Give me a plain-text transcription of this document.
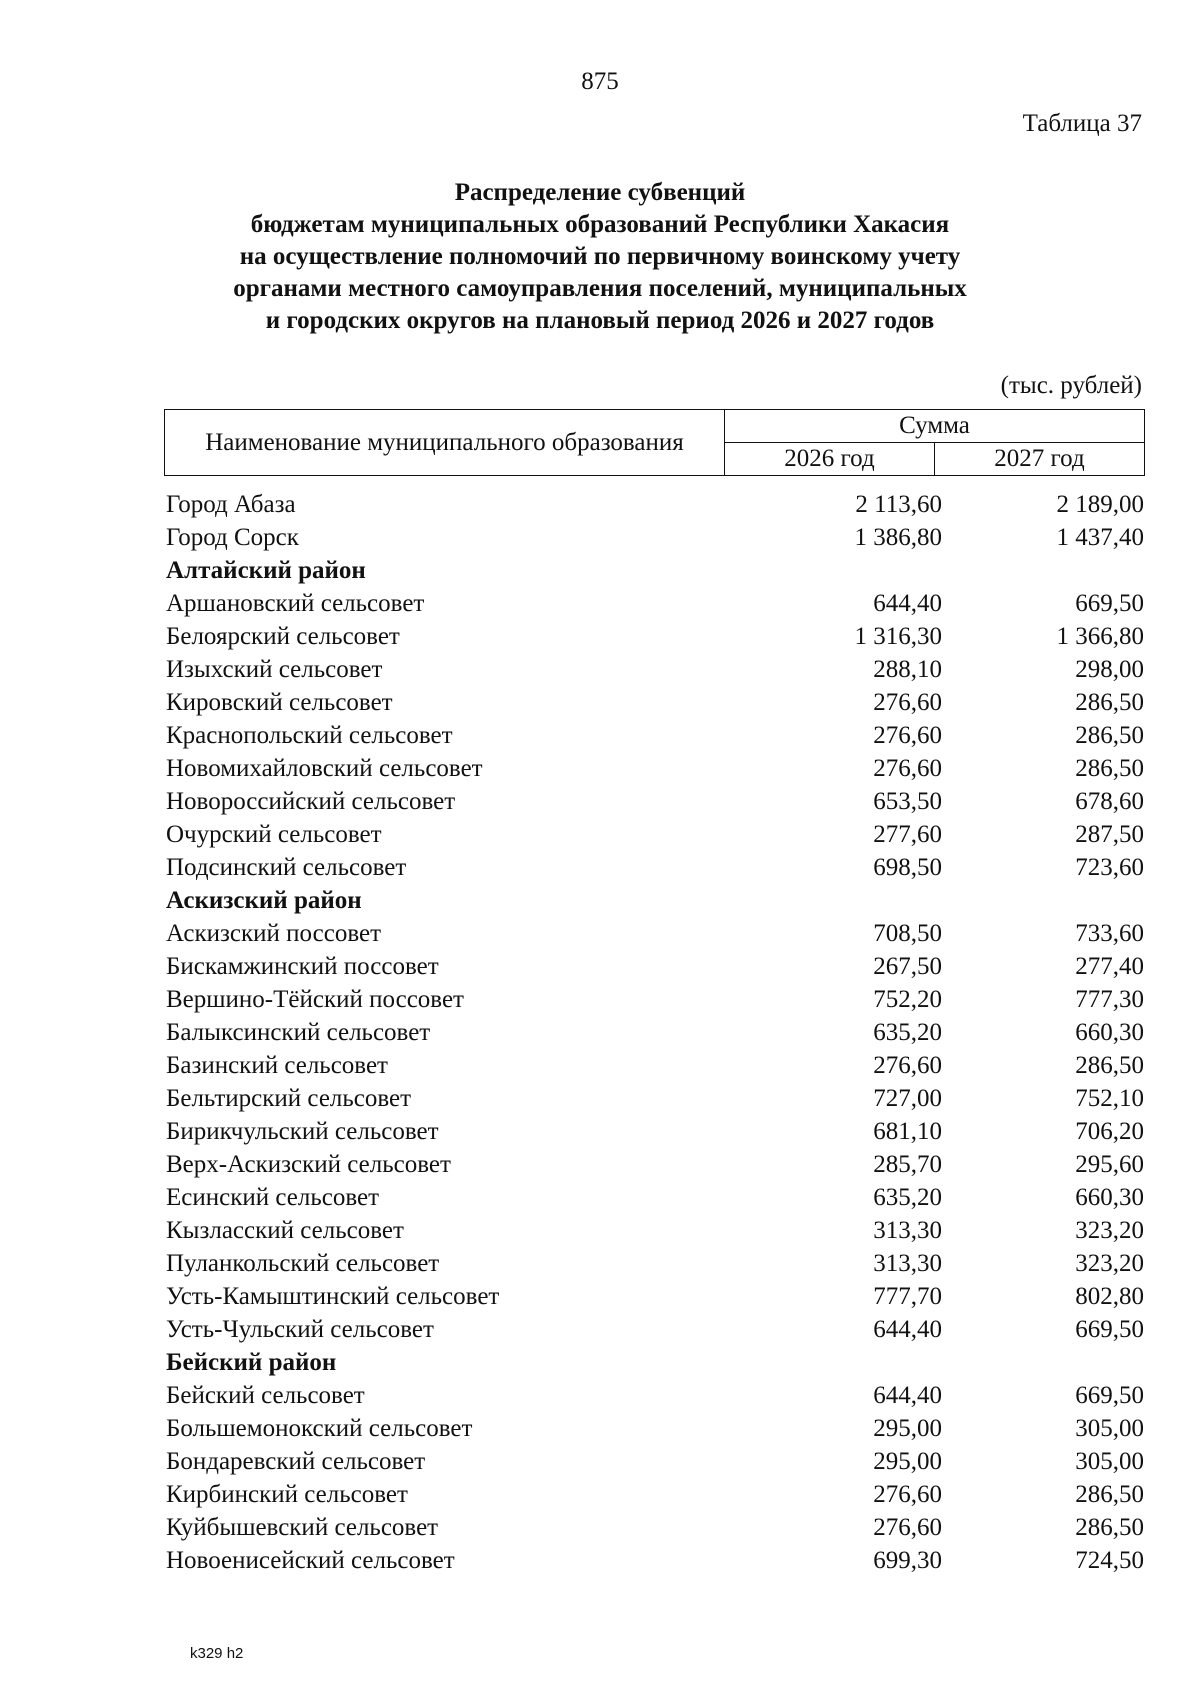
875
Таблица 37
Распределение субвенций
бюджетам муниципальных образований Республики Хакасия
на осуществление полномочий по первичному воинскому учету
органами местного самоуправления поселений, муниципальных
и городских округов на плановый период 2026 и 2027 годов
(тыс. рублей)
Наименование муниципального образования	Сумма	
	2026 год	2027 год
Город Абаза	2 113,60	2 189,00
Город Сорск	1 386,80	1 437,40
Алтайский район
Аршановский сельсовет	644,40	669,50
Белоярский сельсовет	1 316,30	1 366,80
Изыхский сельсовет	288,10	298,00
Кировский сельсовет	276,60	286,50
Краснопольский сельсовет	276,60	286,50
Новомихайловский сельсовет	276,60	286,50
Новороссийский сельсовет	653,50	678,60
Очурский сельсовет	277,60	287,50
Подсинский сельсовет	698,50	723,60
Аскизский район
Аскизский поссовет	708,50	733,60
Бискамжинский поссовет	267,50	277,40
Вершино-Тёйский поссовет	752,20	777,30
Балыксинский сельсовет	635,20	660,30
Базинский сельсовет	276,60	286,50
Бельтирский сельсовет	727,00	752,10
Бирикчульский сельсовет	681,10	706,20
Верх-Аскизский сельсовет	285,70	295,60
Есинский сельсовет	635,20	660,30
Кызласский сельсовет	313,30	323,20
Пуланкольский сельсовет	313,30	323,20
Усть-Камыштинский сельсовет	777,70	802,80
Усть-Чульский сельсовет	644,40	669,50
Бейский район
Бейский сельсовет	644,40	669,50
Большемонокский сельсовет	295,00	305,00
Бондаревский сельсовет	295,00	305,00
Кирбинский сельсовет	276,60	286,50
Куйбышевский сельсовет	276,60	286,50
Новоенисейский сельсовет	699,30	724,50
k329 h2
